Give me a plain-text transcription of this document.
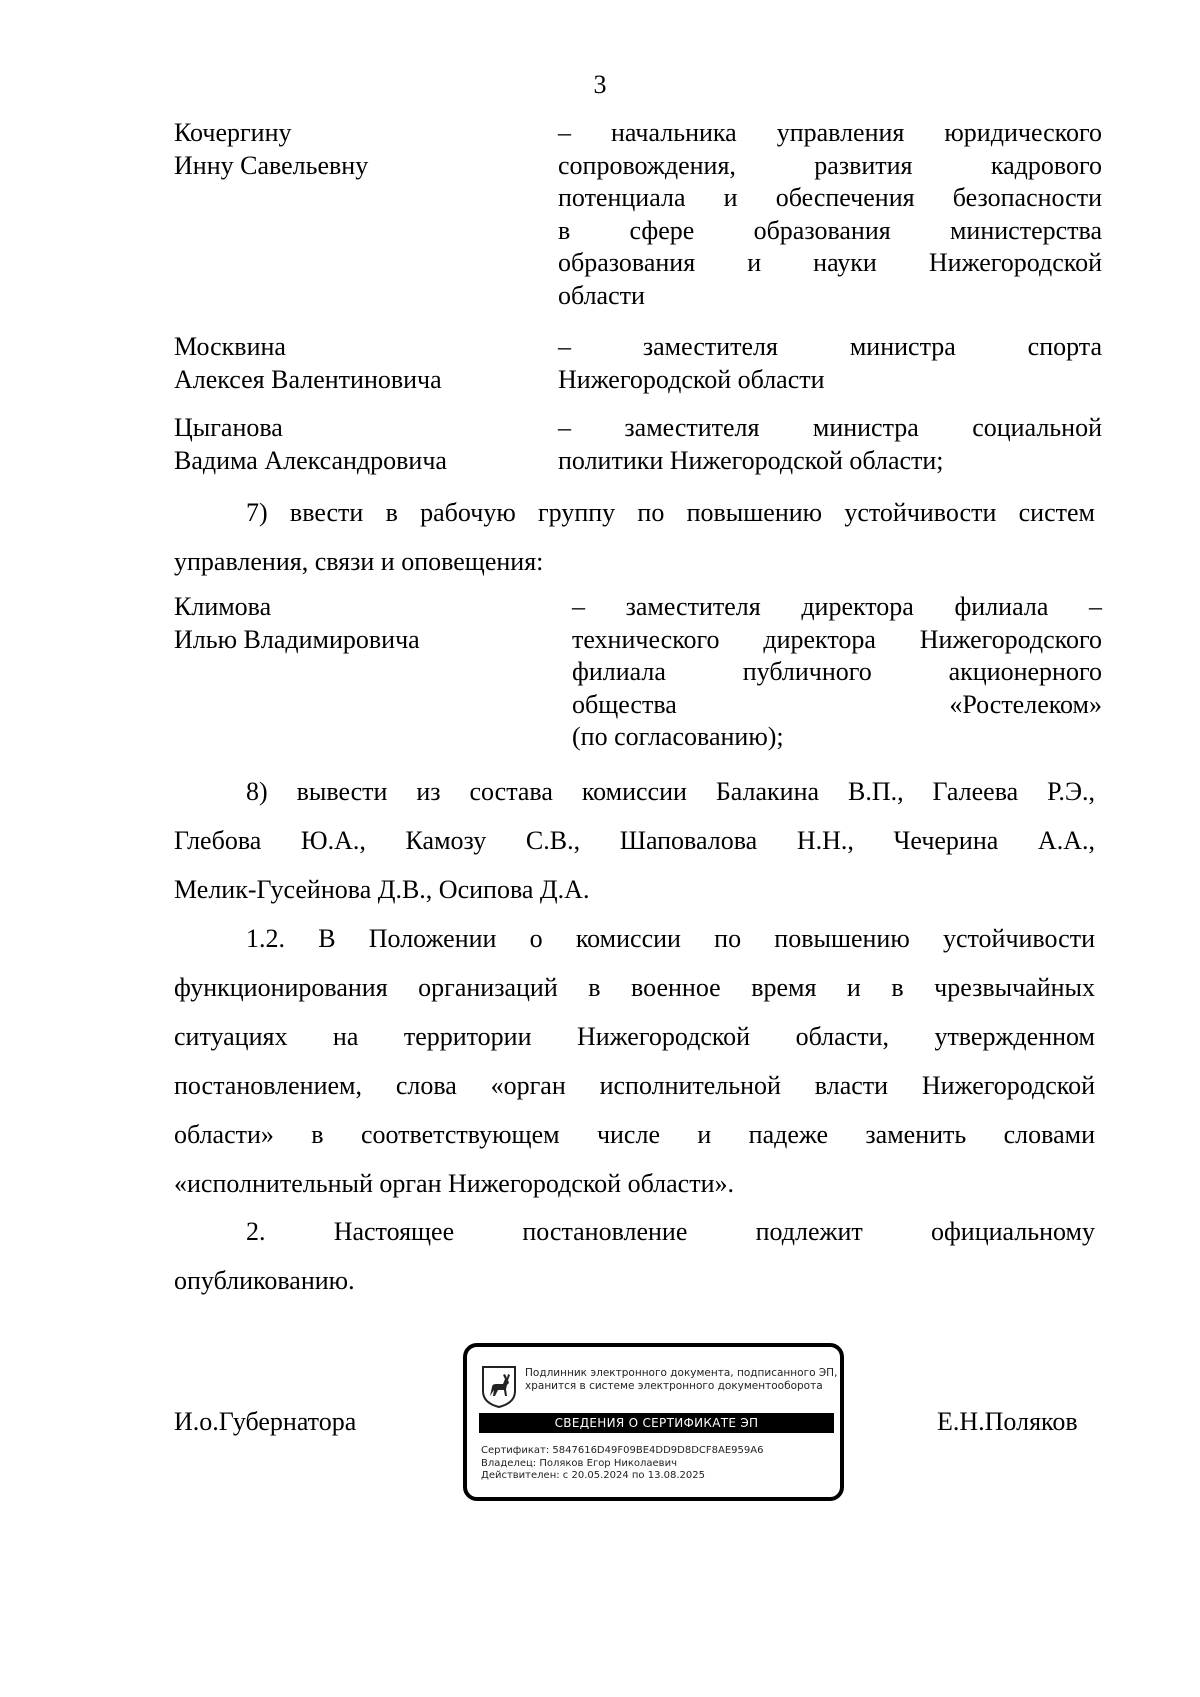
3
Кочергину
Инну Савельевну
– начальника управления юридического
сопровождения, развития кадрового
потенциала и обеспечения безопасности
в сфере образования министерства
образования и науки Нижегородской
области
Москвина
Алексея Валентиновича
– заместителя министра спорта
Нижегородской области
Цыганова
Вадима Александровича
– заместителя министра социальной
политики Нижегородской области;
7) ввести в рабочую группу по повышению устойчивости систем
управления, связи и оповещения:
Климова
Илью Владимировича
– заместителя директора филиала –
технического директора Нижегородского
филиала публичного акционерного
общества «Ростелеком»
(по согласованию);
8) вывести из состава комиссии Балакина В.П., Галеева Р.Э.,
Глебова Ю.А., Камозу С.В., Шаповалова Н.Н., Чечерина А.А.,
Мелик-Гусейнова Д.В., Осипова Д.А.
1.2. В Положении о комиссии по повышению устойчивости
функционирования организаций в военное время и в чрезвычайных
ситуациях на территории Нижегородской области, утвержденном
постановлением, слова «орган исполнительной власти Нижегородской
области» в соответствующем числе и падеже заменить словами
«исполнительный орган Нижегородской области».
2. Настоящее постановление подлежит официальному
опубликованию.
И.о.Губернатора	Е.Н.Поляков
Подлинник электронного документа, подписанного ЭП,
хранится в системе электронного документооборота
СВЕДЕНИЯ О СЕРТИФИКАТЕ ЭП
Сертификат: 5847616D49F09BE4DD9D8DCF8AE959A6
Владелец: Поляков Егор Николаевич
Действителен: с 20.05.2024 по 13.08.2025
